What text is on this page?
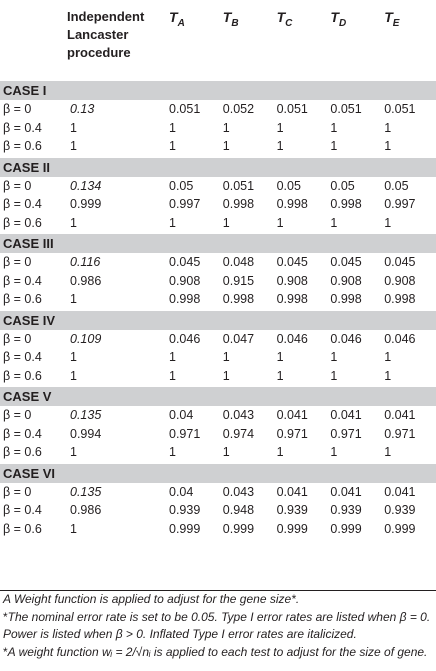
	Independent Lancaster procedure	$T_A$	$T_B$	$T_C$	$T_D$	$T_E$

CASE I						
β = 0	0.13	0.051	0.052	0.051	0.051	0.051
β = 0.4	1	1	1	1	1	1
β = 0.6	1	1	1	1	1	1

CASE II						
β = 0	0.134	0.05	0.051	0.05	0.05	0.05
β = 0.4	0.999	0.997	0.998	0.998	0.998	0.997
β = 0.6	1	1	1	1	1	1

CASE III						
β = 0	0.116	0.045	0.048	0.045	0.045	0.045
β = 0.4	0.986	0.908	0.915	0.908	0.908	0.908
β = 0.6	1	0.998	0.998	0.998	0.998	0.998

CASE IV						
β = 0	0.109	0.046	0.047	0.046	0.046	0.046
β = 0.4	1	1	1	1	1	1
β = 0.6	1	1	1	1	1	1

CASE V						
β = 0	0.135	0.04	0.043	0.041	0.041	0.041
β = 0.4	0.994	0.971	0.974	0.971	0.971	0.971
β = 0.6	1	1	1	1	1	1

CASE VI						
β = 0	0.135	0.04	0.043	0.041	0.041	0.041
β = 0.4	0.986	0.939	0.948	0.939	0.939	0.939
β = 0.6	1	0.999	0.999	0.999	0.999	0.999

A Weight function is applied to adjust for the gene size*.

*The nominal error rate is set to be 0.05. Type I error rates are listed when β = 0. Power is listed when β > 0. Inflated Type I error rates are italicized.

*A weight function wᵢ = 2/√nᵢ is applied to each test to adjust for the size of gene.
